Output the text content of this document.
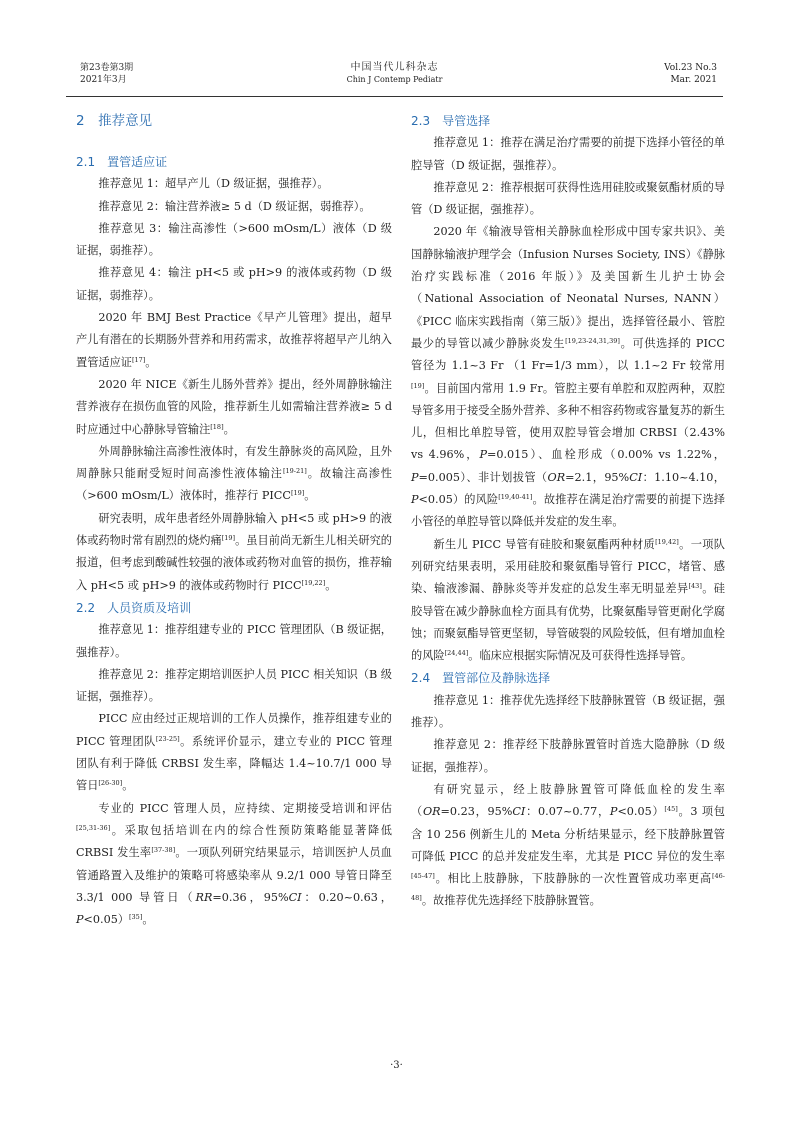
第23卷第3期
2021年3月
中国当代儿科杂志
Chin J Contemp Pediatr
Vol.23 No.3
Mar. 2021
2　推荐意见
2.1　置管适应证

推荐意见 1：超早产儿（D 级证据，强推荐）。

推荐意见 2：输注营养液≥ 5 d（D 级证据，弱推荐）。

推荐意见 3：输注高渗性（>600 mOsm/L）液体（D 级证据，弱推荐）。

推荐意见 4：输注 pH<5 或 pH>9 的液体或药物（D 级证据，弱推荐）。

2020 年 BMJ Best Practice《早产儿管理》提出，超早产儿有潜在的长期肠外营养和用药需求，故推荐将超早产儿纳入置管适应证[17]。

2020 年 NICE《新生儿肠外营养》提出，经外周静脉输注营养液存在损伤血管的风险，推荐新生儿如需输注营养液≥ 5 d 时应通过中心静脉导管输注[18]。

外周静脉输注高渗性液体时，有发生静脉炎的高风险，且外周静脉只能耐受短时间高渗性液体输注[19-21]。故输注高渗性（>600 mOsm/L）液体时，推荐行 PICC[19]。

研究表明，成年患者经外周静脉输入 pH<5 或 pH>9 的液体或药物时常有剧烈的烧灼痛[19]。虽目前尚无新生儿相关研究的报道，但考虑到酸碱性较强的液体或药物对血管的损伤，推荐输入 pH<5 或 pH>9 的液体或药物时行 PICC[19,22]。

2.2　人员资质及培训

推荐意见 1：推荐组建专业的 PICC 管理团队（B 级证据，强推荐）。

推荐意见 2：推荐定期培训医护人员 PICC 相关知识（B 级证据，强推荐）。

PICC 应由经过正规培训的工作人员操作，推荐组建专业的 PICC 管理团队[23-25]。系统评价显示，建立专业的 PICC 管理团队有利于降低 CRBSI 发生率，降幅达 1.4~10.7/1 000 导管日[26-30]。

专业的 PICC 管理人员，应持续、定期接受培训和评估[25,31-36]。采取包括培训在内的综合性预防策略能显著降低 CRBSI 发生率[37-38]。一项队列研究结果显示，培训医护人员血管通路置入及维护的策略可将感染率从 9.2/1 000 导管日降至 3.3/1 000 导管日（RR=0.36，95%CI：0.20~0.63，P<0.05）[35]。

2.3　导管选择

推荐意见 1：推荐在满足治疗需要的前提下选择小管径的单腔导管（D 级证据，强推荐）。

推荐意见 2：推荐根据可获得性选用硅胶或聚氨酯材质的导管（D 级证据，强推荐）。

2020 年《输液导管相关静脉血栓形成中国专家共识》、美国静脉输液护理学会（Infusion Nurses Society, INS）《静脉治疗实践标准（2016 年版）》及美国新生儿护士协会（National Association of Neonatal Nurses, NANN）《PICC 临床实践指南（第三版）》提出，选择管径最小、管腔最少的导管以减少静脉炎发生[19,23-24,31,39]。可供选择的 PICC 管径为 1.1~3 Fr （1 Fr=1/3 mm），以 1.1~2 Fr 较常用[19]。目前国内常用 1.9 Fr。管腔主要有单腔和双腔两种，双腔导管多用于接受全肠外营养、多种不相容药物或容量复苏的新生儿，但相比单腔导管，使用双腔导管会增加 CRBSI（2.43% vs 4.96%，P=0.015）、血栓形成（0.00% vs 1.22%，P=0.005）、非计划拔管（OR=2.1，95%CI：1.10~4.10，P<0.05）的风险[19,40-41]。故推荐在满足治疗需要的前提下选择小管径的单腔导管以降低并发症的发生率。

新生儿 PICC 导管有硅胶和聚氨酯两种材质[19,42]。一项队列研究结果表明，采用硅胶和聚氨酯导管行 PICC，堵管、感染、输液渗漏、静脉炎等并发症的总发生率无明显差异[43]。硅胶导管在减少静脉血栓方面具有优势，比聚氨酯导管更耐化学腐蚀；而聚氨酯导管更坚韧，导管破裂的风险较低，但有增加血栓的风险[24,44]。临床应根据实际情况及可获得性选择导管。

2.4　置管部位及静脉选择

推荐意见 1：推荐优先选择经下肢静脉置管（B 级证据，强推荐）。

推荐意见 2：推荐经下肢静脉置管时首选大隐静脉（D 级证据，强推荐）。

有研究显示，经上肢静脉置管可降低血栓的发生率（OR=0.23，95%CI：0.07~0.77，P<0.05）[45]。3 项包含 10 256 例新生儿的 Meta 分析结果显示，经下肢静脉置管可降低 PICC 的总并发症发生率，尤其是 PICC 异位的发生率[45-47]。相比上肢静脉，下肢静脉的一次性置管成功率更高[46-48]。故推荐优先选择经下肢静脉置管。

·3·
